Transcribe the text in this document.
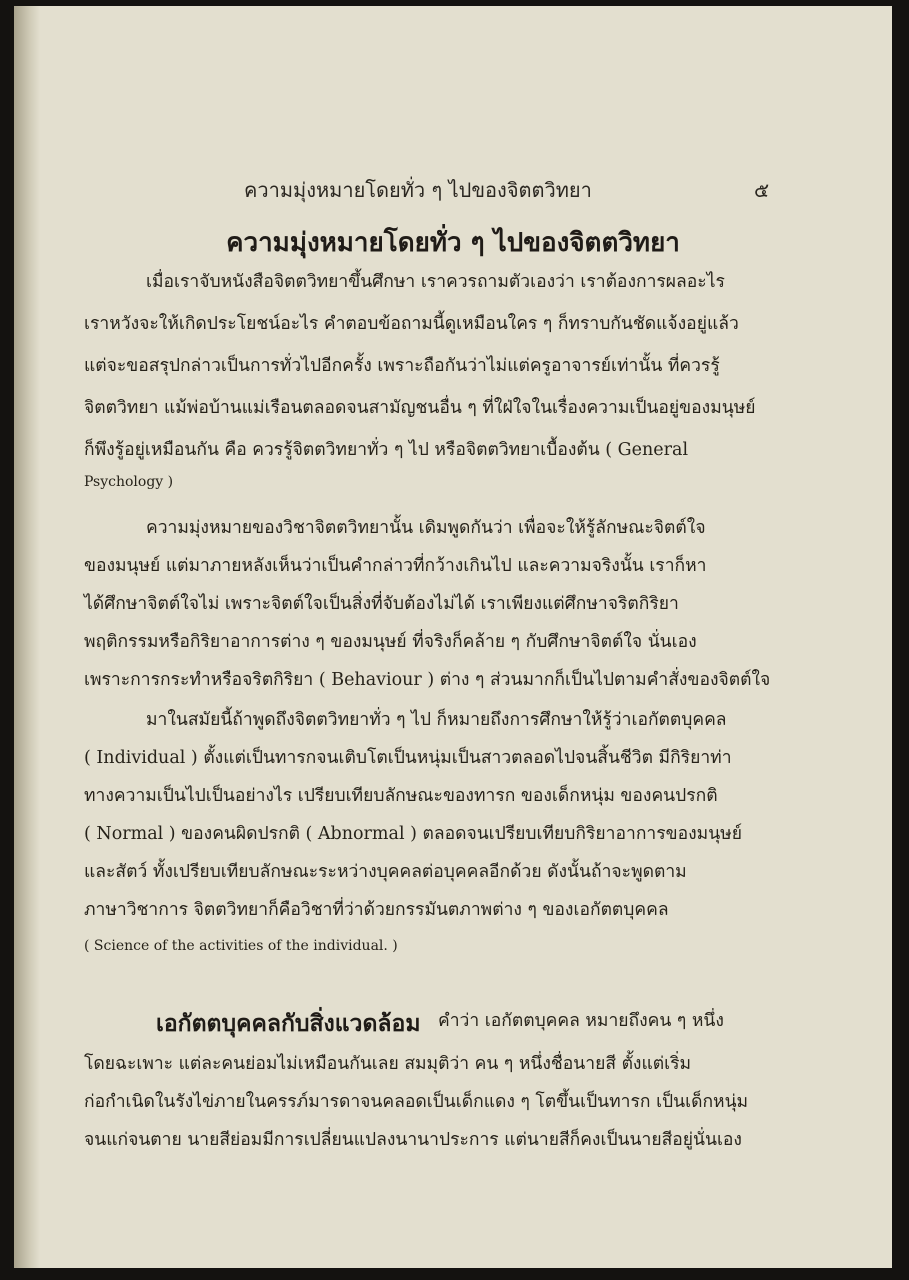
ความมุ่งหมายโดยทั่ว ๆ ไปของจิตตวิทยา	๕
ความมุ่งหมายโดยทั่ว ๆ ไปของจิตตวิทยา
เมื่อเราจับหนังสือจิตตวิทยาขึ้นศึกษา เราควรถามตัวเองว่า เราต้องการผลอะไร
เราหวังจะให้เกิดประโยชน์อะไร คำตอบข้อถามนี้ดูเหมือนใคร ๆ ก็ทราบกันชัดแจ้งอยู่แล้ว
แต่จะขอสรุปกล่าวเป็นการทั่วไปอีกครั้ง เพราะถือกันว่าไม่แต่ครูอาจารย์เท่านั้น ที่ควรรู้
จิตตวิทยา แม้พ่อบ้านแม่เรือนตลอดจนสามัญชนอื่น ๆ ที่ใฝ่ใจในเรื่องความเป็นอยู่ของมนุษย์
ก็พึงรู้อยู่เหมือนกัน คือ ควรรู้จิตตวิทยาทั่ว ๆ ไป หรือจิตตวิทยาเบื้องต้น ( General
Psychology )
ความมุ่งหมายของวิชาจิตตวิทยานั้น เดิมพูดกันว่า เพื่อจะให้รู้ลักษณะจิตต์ใจ
ของมนุษย์ แต่มาภายหลังเห็นว่าเป็นคำกล่าวที่กว้างเกินไป และความจริงนั้น เราก็หา
ได้ศึกษาจิตต์ใจไม่ เพราะจิตต์ใจเป็นสิ่งที่จับต้องไม่ได้ เราเพียงแต่ศึกษาจริตกิริยา
พฤติกรรมหรือกิริยาอาการต่าง ๆ ของมนุษย์ ที่จริงก็คล้าย ๆ กับศึกษาจิตต์ใจ นั่นเอง
เพราะการกระทำหรือจริตกิริยา ( Behaviour ) ต่าง ๆ ส่วนมากก็เป็นไปตามคำสั่งของจิตต์ใจ
มาในสมัยนี้ถ้าพูดถึงจิตตวิทยาทั่ว ๆ ไป ก็หมายถึงการศึกษาให้รู้ว่าเอกัตตบุคคล
( Individual ) ตั้งแต่เป็นทารกจนเติบโตเป็นหนุ่มเป็นสาวตลอดไปจนสิ้นชีวิต มีกิริยาท่า
ทางความเป็นไปเป็นอย่างไร เปรียบเทียบลักษณะของทารก ของเด็กหนุ่ม ของคนปรกติ
( Normal ) ของคนผิดปรกติ ( Abnormal ) ตลอดจนเปรียบเทียบกิริยาอาการของมนุษย์
และสัตว์ ทั้งเปรียบเทียบลักษณะระหว่างบุคคลต่อบุคคลอีกด้วย ดังนั้นถ้าจะพูดตาม
ภาษาวิชาการ จิตตวิทยาก็คือวิชาที่ว่าด้วยกรรมันตภาพต่าง ๆ ของเอกัตตบุคคล
( Science of the activities of the individual. )
เอกัตตบุคคลกับสิ่งแวดล้อม คำว่า เอกัตตบุคคล หมายถึงคน ๆ หนึ่ง
โดยฉะเพาะ แต่ละคนย่อมไม่เหมือนกันเลย สมมุติว่า คน ๆ หนึ่งชื่อนายสี ตั้งแต่เริ่ม
ก่อกำเนิดในรังไข่ภายในครรภ์มารดาจนคลอดเป็นเด็กแดง ๆ โตขึ้นเป็นทารก เป็นเด็กหนุ่ม
จนแก่จนตาย นายสีย่อมมีการเปลี่ยนแปลงนานาประการ แต่นายสีก็คงเป็นนายสีอยู่นั่นเอง
